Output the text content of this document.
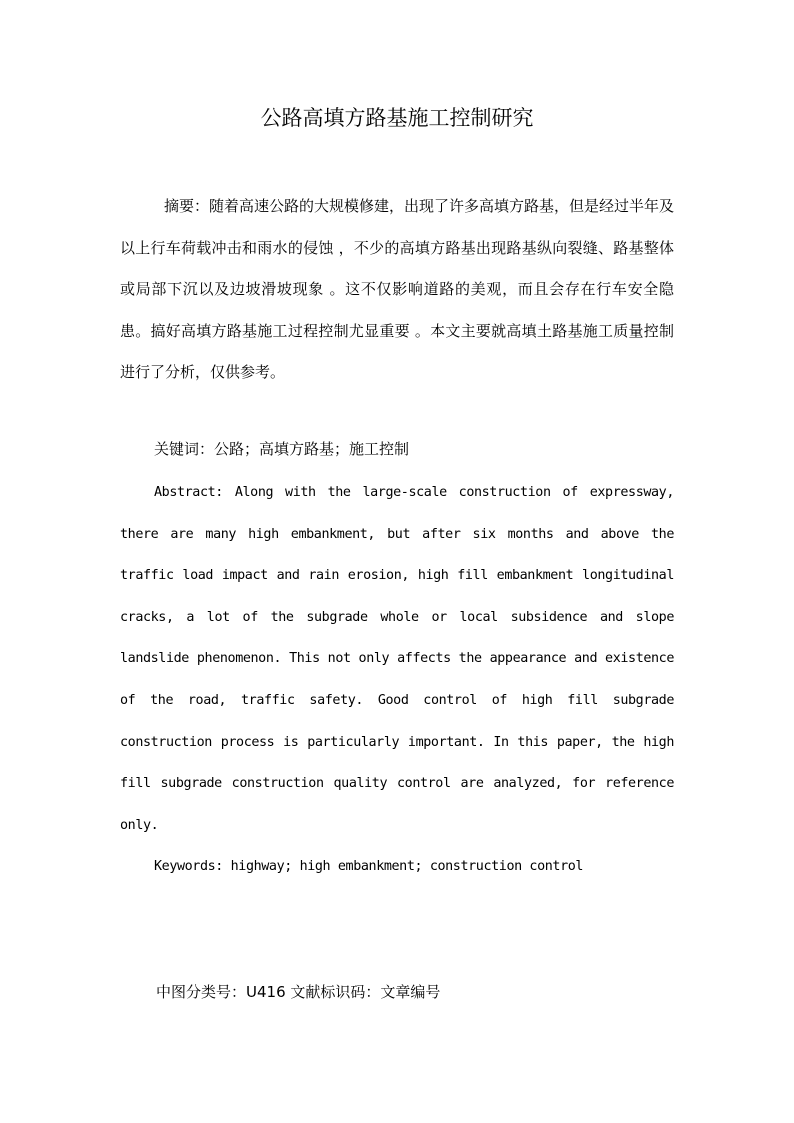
公路高填方路基施工控制研究
摘要：随着高速公路的大规模修建，出现了许多高填方路基，但是经过半年及以上行车荷载冲击和雨水的侵蚀 ，不少的高填方路基出现路基纵向裂缝、路基整体或局部下沉以及边坡滑坡现象 。这不仅影响道路的美观，而且会存在行车安全隐患。搞好高填方路基施工过程控制尤显重要 。本文主要就高填土路基施工质量控制进行了分析，仅供参考。
关键词：公路；高填方路基；施工控制
Abstract: Along with the large-scale construction of expressway, there are many high embankment, but after six months and above the traffic load impact and rain erosion, high fill embankment longitudinal cracks, a lot of the subgrade whole or local subsidence and slope landslide phenomenon. This not only affects the appearance and existence of the road, traffic safety. Good control of high fill subgrade construction process is particularly important. In this paper, the high fill subgrade construction quality control are analyzed, for reference only.
Keywords: highway; high embankment; construction control
中图分类号：U416 文献标识码：文章编号
